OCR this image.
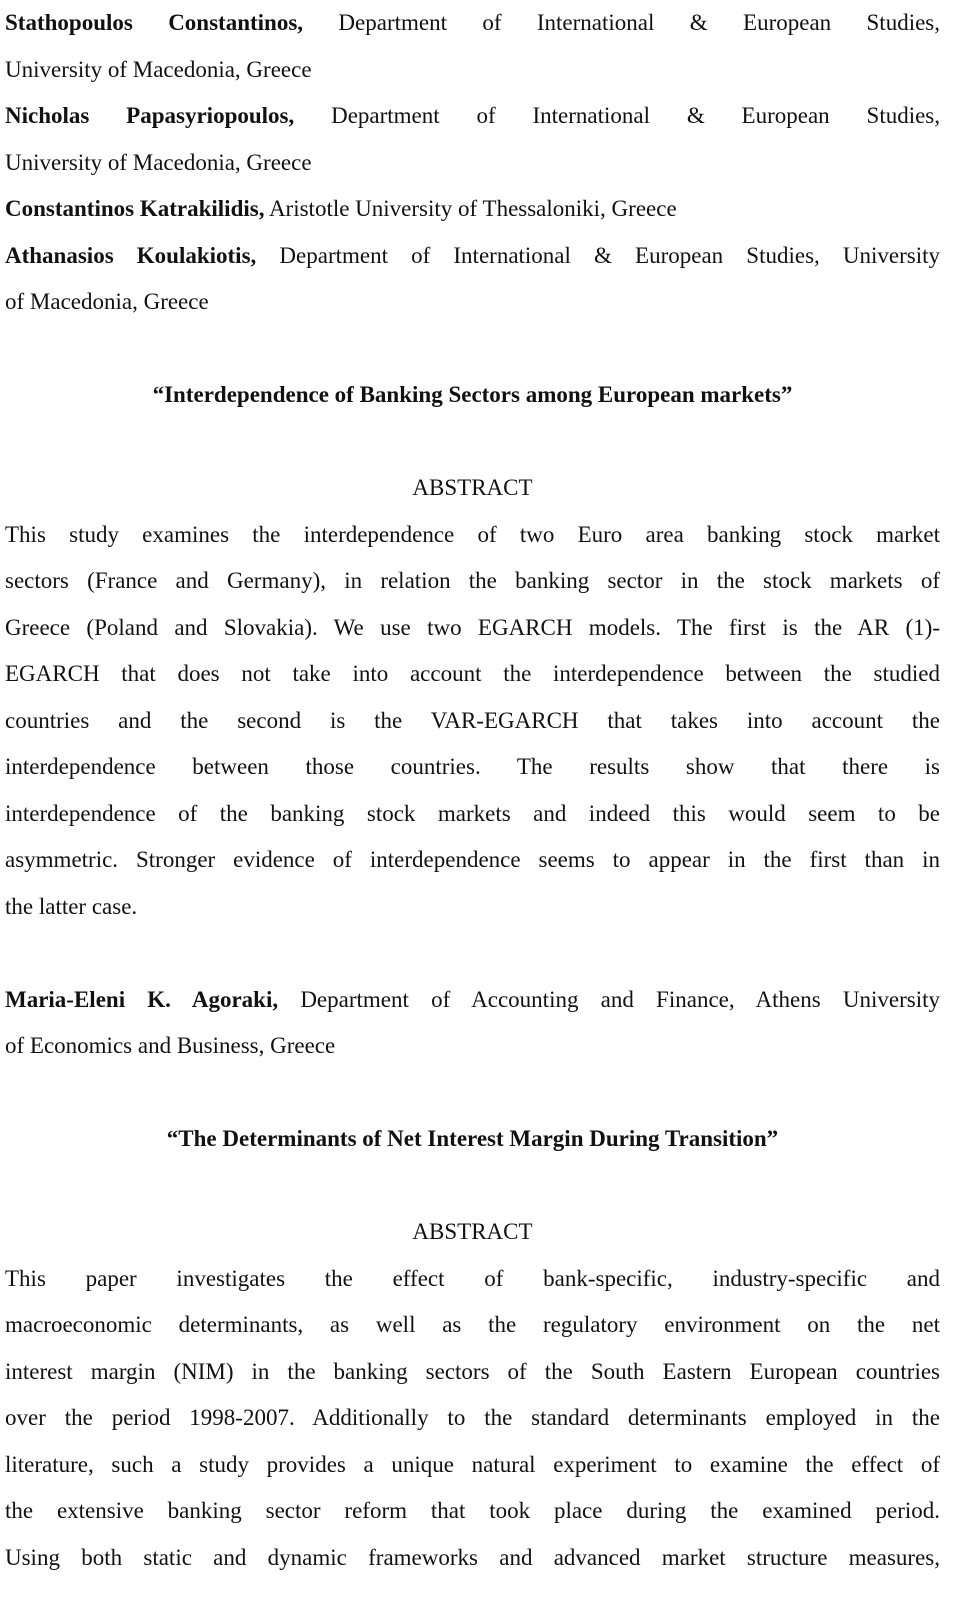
Stathopoulos Constantinos, Department of International & European Studies,
University of Macedonia, Greece
Nicholas Papasyriopoulos, Department of International & European Studies,
University of Macedonia, Greece
Constantinos Katrakilidis, Aristotle University of Thessaloniki, Greece
Athanasios Koulakiotis, Department of International & European Studies, University
of Macedonia, Greece
“Interdependence of Banking Sectors among European markets”
ABSTRACT
This study examines the interdependence of two Euro area banking stock market
sectors (France and Germany), in relation the banking sector in the stock markets of
Greece (Poland and Slovakia). We use two EGARCH models. The first is the AR (1)-
EGARCH that does not take into account the interdependence between the studied
countries and the second is the VAR-EGARCH that takes into account the
interdependence between those countries. The results show that there is
interdependence of the banking stock markets and indeed this would seem to be
asymmetric. Stronger evidence of interdependence seems to appear in the first than in
the latter case.
Maria-Eleni K. Agoraki, Department of Accounting and Finance, Athens University
of Economics and Business, Greece
“The Determinants of Net Interest Margin During Transition”
ABSTRACT
This paper investigates the effect of bank-specific, industry-specific and
macroeconomic determinants, as well as the regulatory environment on the net
interest margin (NIM) in the banking sectors of the South Eastern European countries
over the period 1998-2007. Additionally to the standard determinants employed in the
literature, such a study provides a unique natural experiment to examine the effect of
the extensive banking sector reform that took place during the examined period.
Using both static and dynamic frameworks and advanced market structure measures,
